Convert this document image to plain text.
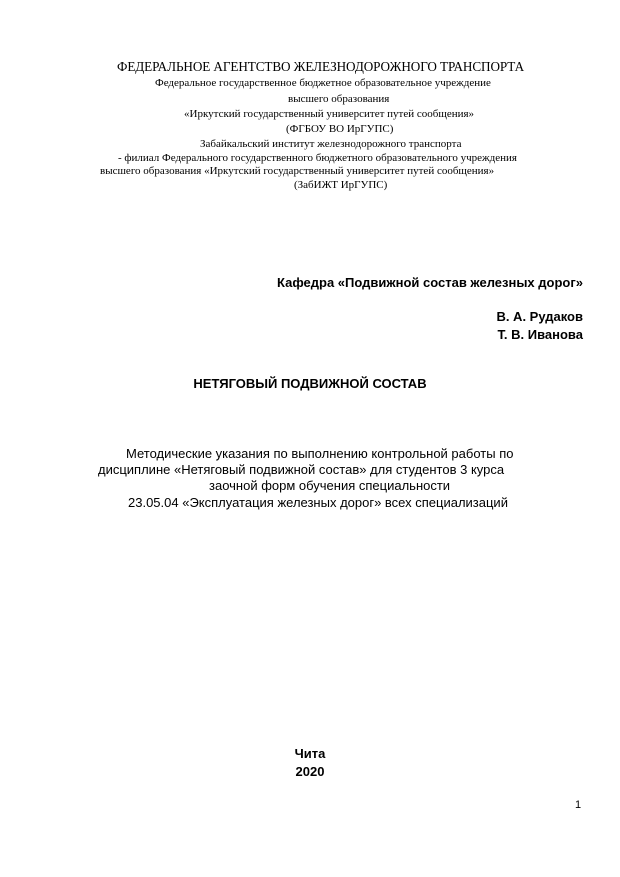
ФЕДЕРАЛЬНОЕ АГЕНТСТВО ЖЕЛЕЗНОДОРОЖНОГО ТРАНСПОРТА
Федеральное государственное бюджетное образовательное учреждение
высшего образования
«Иркутский государственный университет путей сообщения»
(ФГБОУ ВО ИрГУПС)
Забайкальский институт железнодорожного транспорта
- филиал Федерального государственного бюджетного образовательного учреждения
высшего образования «Иркутский государственный университет путей сообщения»
(ЗабИЖТ ИрГУПС)
Кафедра «Подвижной состав железных дорог»
В. А. Рудаков
Т. В. Иванова
НЕТЯГОВЫЙ ПОДВИЖНОЙ СОСТАВ
Методические указания по выполнению контрольной работы по
дисциплине «Нетяговый подвижной состав» для студентов 3 курса
заочной форм обучения специальности
23.05.04 «Эксплуатация железных дорог» всех специализаций
Чита
2020
1
